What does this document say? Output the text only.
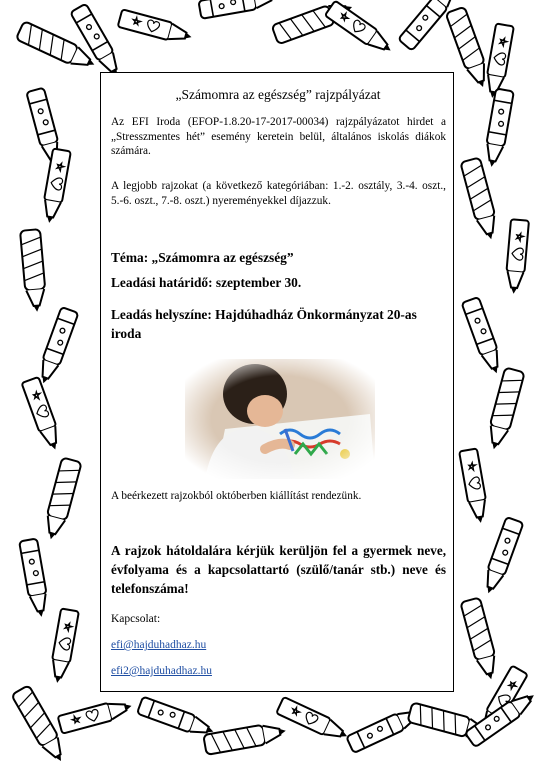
„Számomra az egészség” rajzpályázat
Az EFI Iroda (EFOP-1.8.20-17-2017-00034) rajzpályázatot hirdet a „Stresszmentes hét” esemény keretein belül, általános iskolás diákok számára.
A legjobb rajzokat (a következő kategóriában: 1.-2. osztály, 3.-4. oszt., 5.-6. oszt., 7.-8. oszt.) nyereményekkel díjazzuk.
Téma: „Számomra az egészség”
Leadási határidő: szeptember 30.
Leadás helyszíne: Hajdúhadház Önkormányzat 20-as iroda
A beérkezett rajzokból októberben kiállítást rendezünk.
A rajzok hátoldalára kérjük kerüljön fel a gyermek neve, évfolyama és a kapcsolattartó (szülő/tanár stb.) neve és telefonszáma!
Kapcsolat:
efi@hajduhadhaz.hu
efi2@hajduhadhaz.hu
